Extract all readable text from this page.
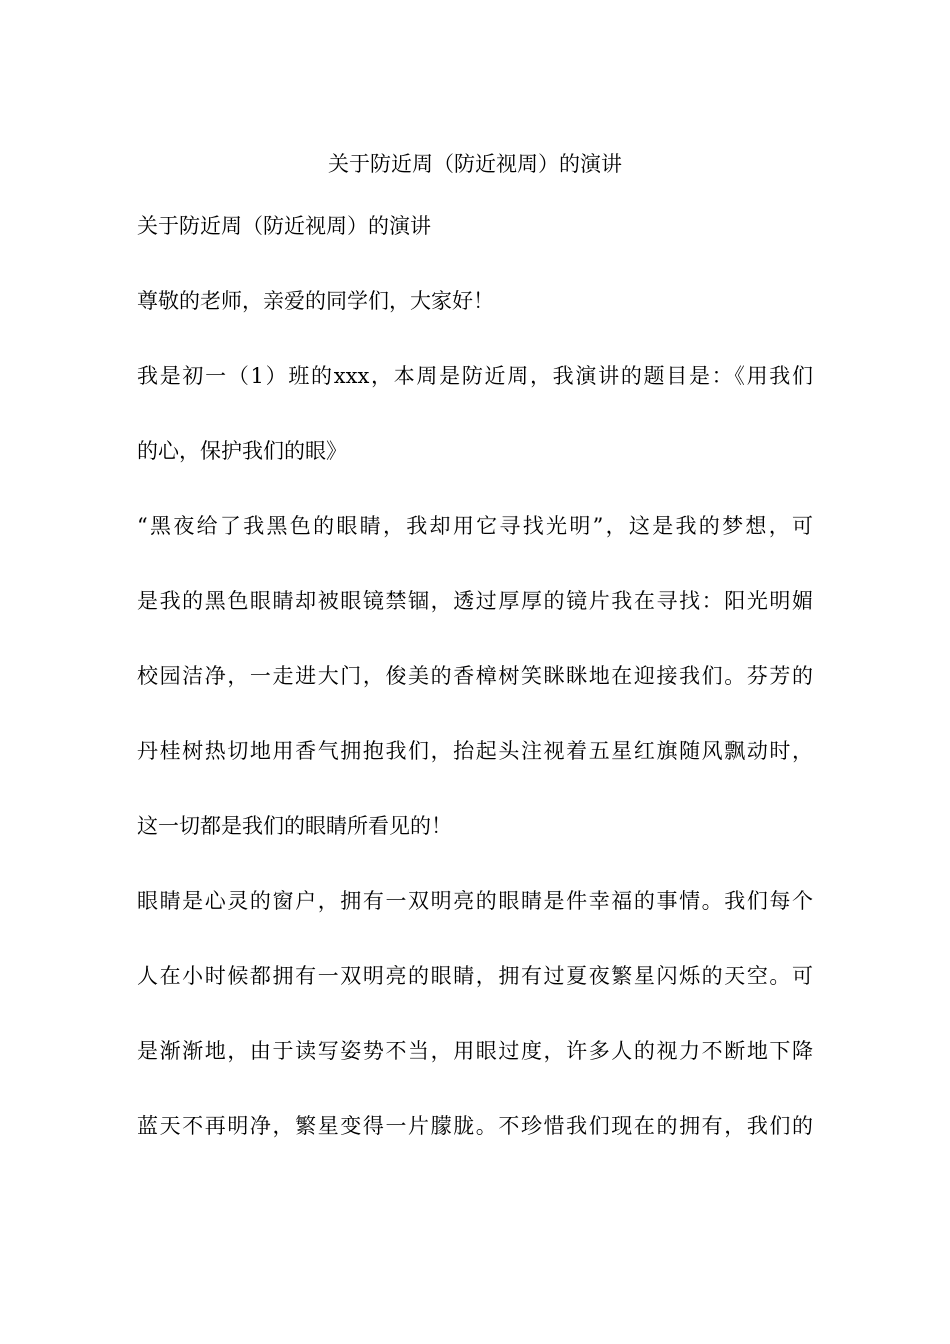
关于防近周（防近视周）的演讲
关于防近周（防近视周）的演讲
尊敬的老师，亲爱的同学们，大家好！
我是初一（1）班的xxx，本周是防近周，我演讲的题目是：《用我们
的心，保护我们的眼》
“黑夜给了我黑色的眼睛，我却用它寻找光明”，这是我的梦想，可
是我的黑色眼睛却被眼镜禁锢，透过厚厚的镜片我在寻找：阳光明媚
校园洁净，一走进大门，俊美的香樟树笑眯眯地在迎接我们。芬芳的
丹桂树热切地用香气拥抱我们，抬起头注视着五星红旗随风飘动时，
这一切都是我们的眼睛所看见的！
眼睛是心灵的窗户，拥有一双明亮的眼睛是件幸福的事情。我们每个
人在小时候都拥有一双明亮的眼睛，拥有过夏夜繁星闪烁的天空。可
是渐渐地，由于读写姿势不当，用眼过度，许多人的视力不断地下降
蓝天不再明净，繁星变得一片朦胧。不珍惜我们现在的拥有，我们的
